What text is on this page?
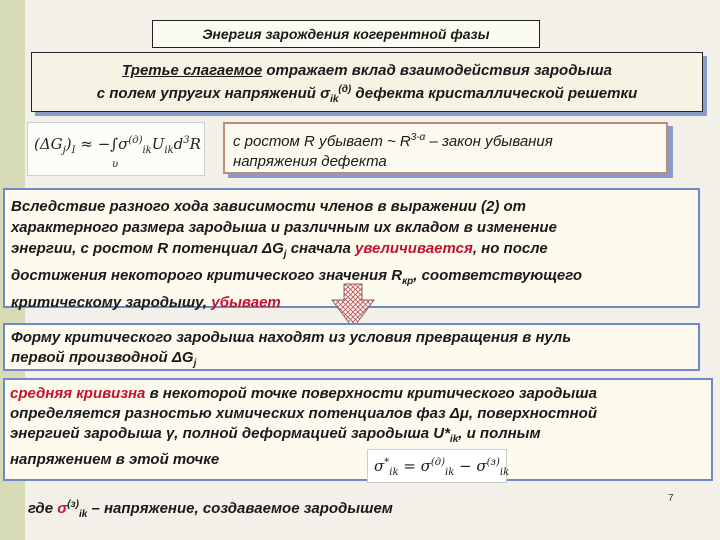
Энергия зарождения когерентной фазы
Третье слагаемое отражает вклад взаимодействия зародыша
с полем упругих напряжений $\sigma_{ik}^{(д)}$ дефекта кристаллической решетки
$(\Delta G_j)_I \approx -\int\sigma^{(д)}_{ik}U_{ik}d^3R$
υ
с ростом R убывает ~ $R^{3-\alpha}$ – закон убывания
напряжения дефекта
Вследствие разного хода зависимости членов в выражении (2) от
характерного размера зародыша и различным их вкладом в изменение
энергии, с ростом R потенциал $\Delta G_j$ сначала увеличивается, но после
достижения некоторого критического значения $R_{кр}$, соответствующего
критическому зародышу, убывает
Форму критического зародыша находят из условия превращения в нуль
первой производной $\Delta G_j$
средняя кривизна в некоторой точке поверхности критического зародыша
определяется разностью химических потенциалов фаз Δμ, поверхностной
энергией зародыша γ, полной деформацией зародыша $U*_{ik}$, и полным
напряжением в этой точке	$\sigma^*_{ik} = \sigma^{(д)}_{ik} - \sigma^{(з)}_{ik}$
где $\sigma^{(з)}_{ik}$ – напряжение, создаваемое зародышем
7
